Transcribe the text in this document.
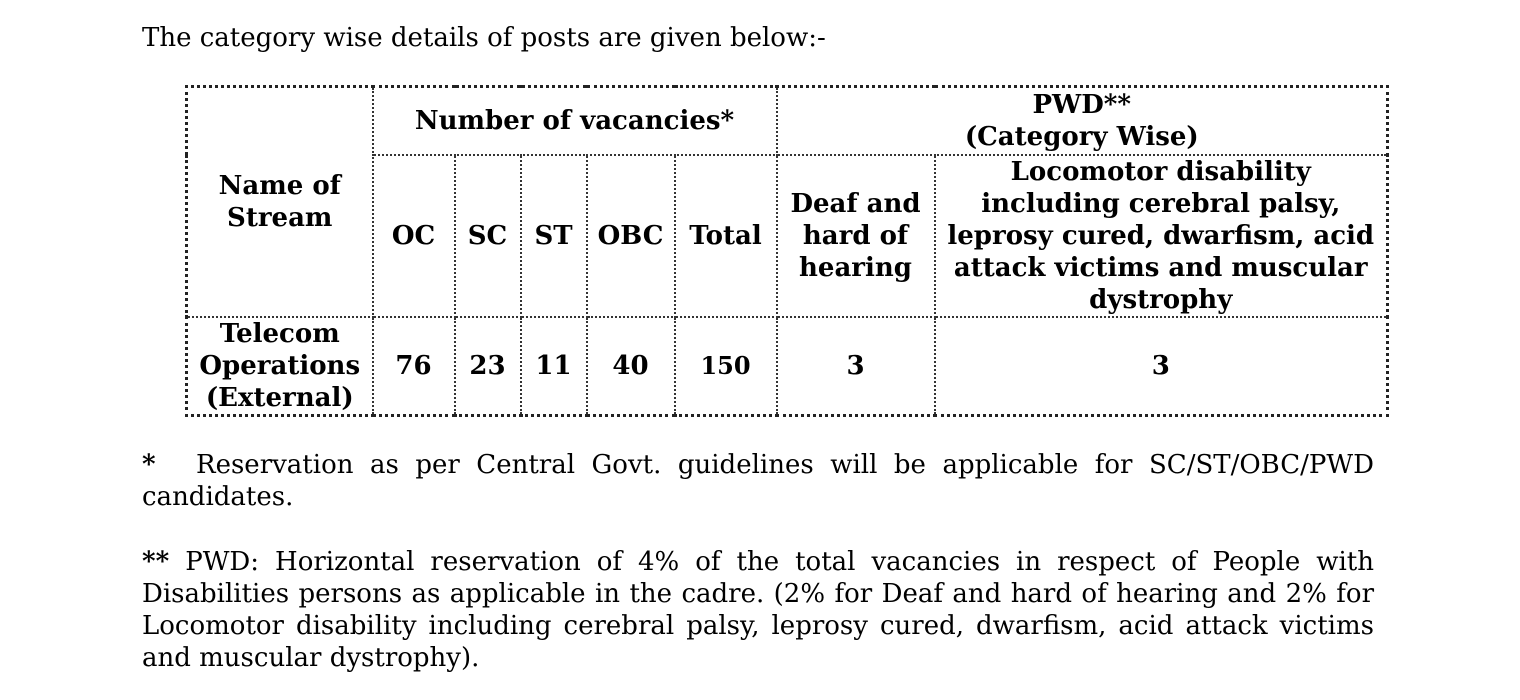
The category wise details of posts are given below:-
Name of Stream	Number of vacancies*					PWD**
(Category Wise)	

	OC	SC	ST	OBC	Total	Deaf and hard of hearing	Locomotor disability including cerebral palsy, leprosy cured, dwarfism, acid attack victims and muscular dystrophy
Telecom Operations (External)	76	23	11	40	150	3	3
* Reservation as per Central Govt. guidelines will be applicable for SC/ST/OBC/PWD candidates.
** PWD: Horizontal reservation of 4% of the total vacancies in respect of People with Disabilities persons as applicable in the cadre. (2% for Deaf and hard of hearing and 2% for Locomotor disability including cerebral palsy, leprosy cured, dwarfism, acid attack victims and muscular dystrophy).
